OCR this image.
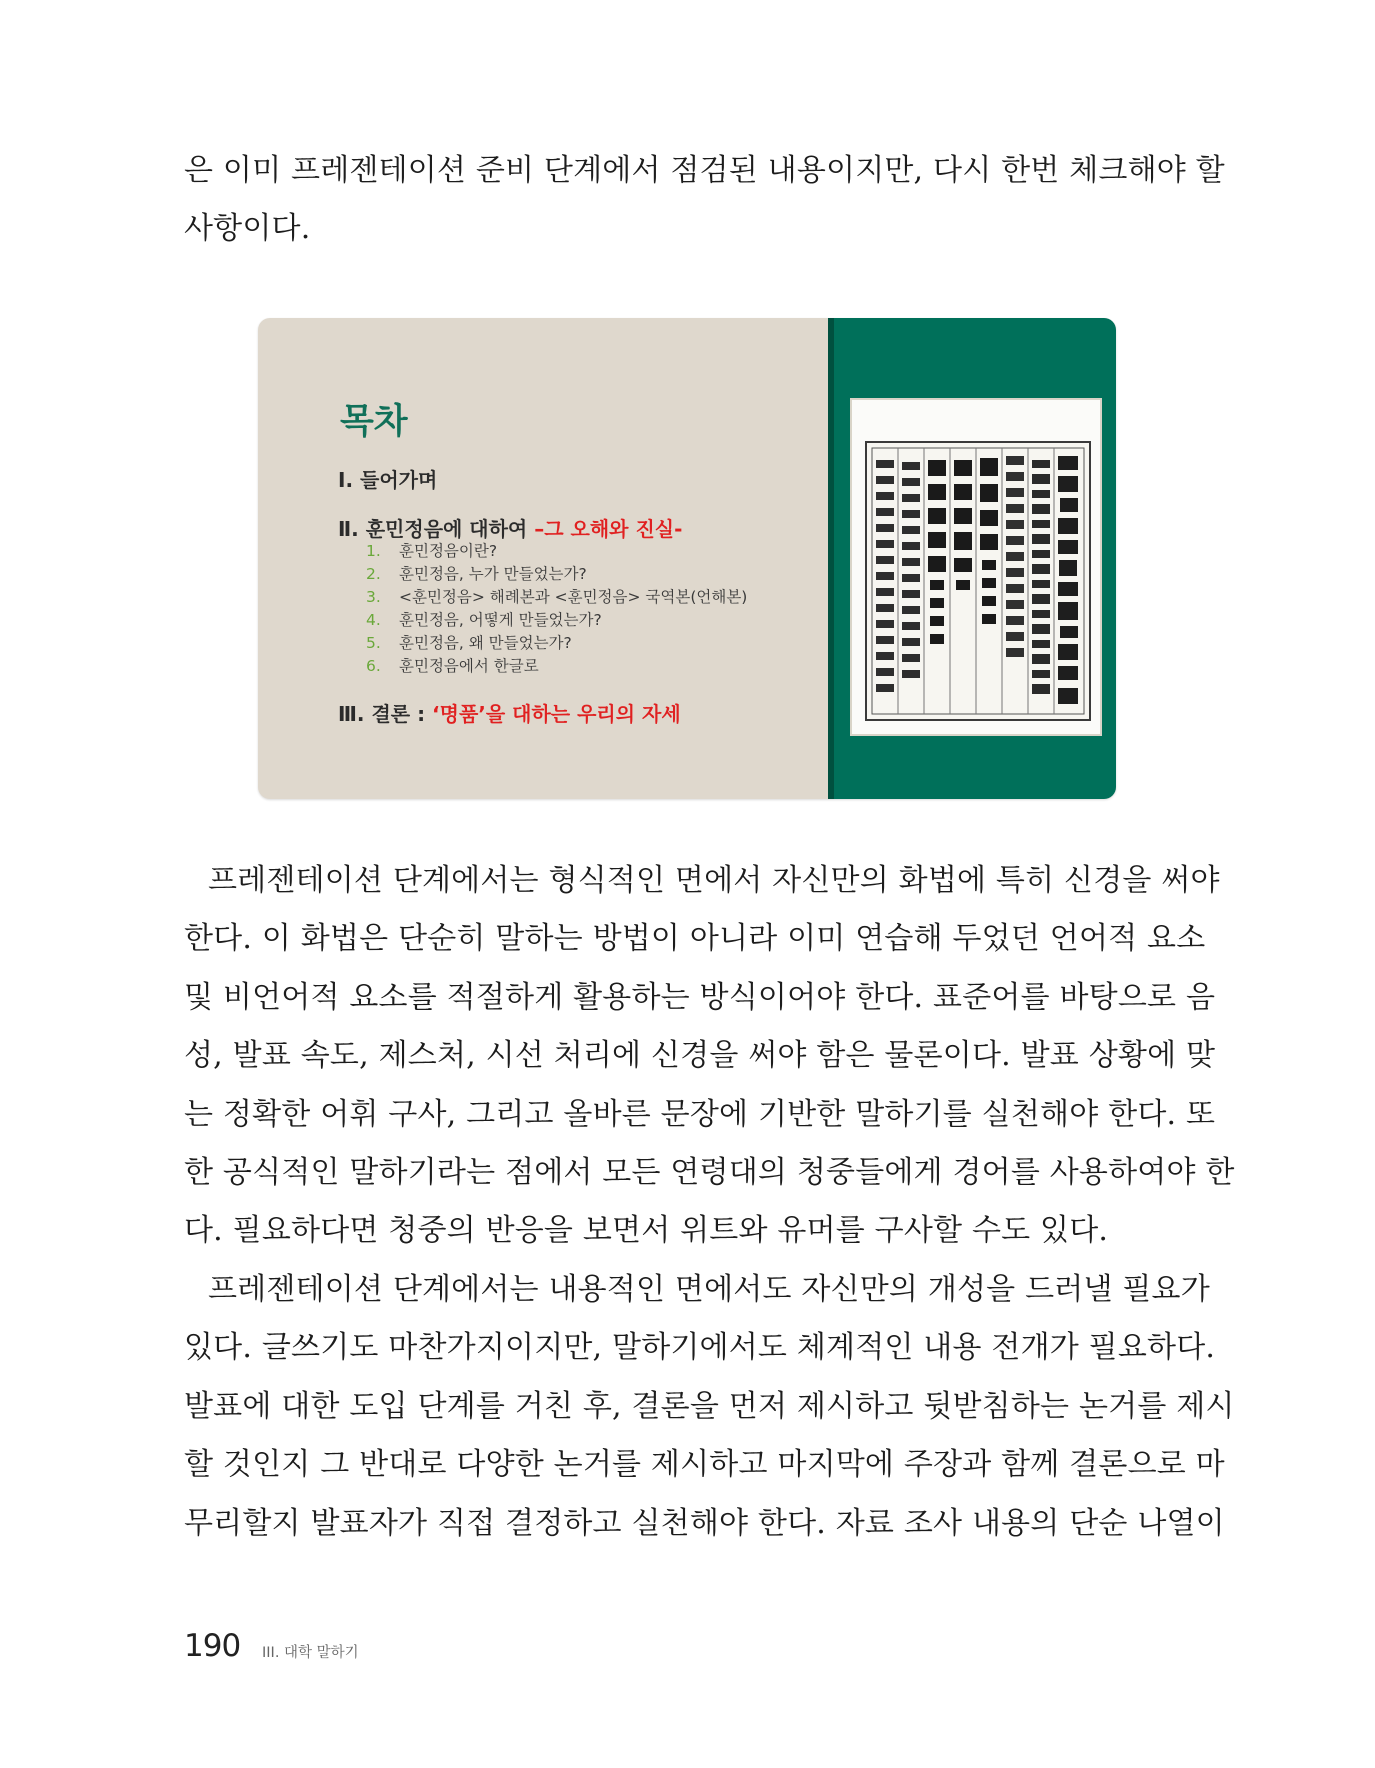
은 이미 프레젠테이션 준비 단계에서 점검된 내용이지만, 다시 한번 체크해야 할
사항이다.
목차
Ⅰ. 들어가며
Ⅱ. 훈민정음에 대하여 –그 오해와 진실-
1. 훈민정음이란?
2. 훈민정음, 누가 만들었는가?
3. <훈민정음> 해례본과 <훈민정음> 국역본(언해본)
4. 훈민정음, 어떻게 만들었는가?
5. 훈민정음, 왜 만들었는가?
6. 훈민정음에서 한글로
Ⅲ. 결론 : ‘명품’을 대하는 우리의 자세
프레젠테이션 단계에서는 형식적인 면에서 자신만의 화법에 특히 신경을 써야
한다. 이 화법은 단순히 말하는 방법이 아니라 이미 연습해 두었던 언어적 요소
및 비언어적 요소를 적절하게 활용하는 방식이어야 한다. 표준어를 바탕으로 음
성, 발표 속도, 제스처, 시선 처리에 신경을 써야 함은 물론이다. 발표 상황에 맞
는 정확한 어휘 구사, 그리고 올바른 문장에 기반한 말하기를 실천해야 한다. 또
한 공식적인 말하기라는 점에서 모든 연령대의 청중들에게 경어를 사용하여야 한
다. 필요하다면 청중의 반응을 보면서 위트와 유머를 구사할 수도 있다.
프레젠테이션 단계에서는 내용적인 면에서도 자신만의 개성을 드러낼 필요가
있다. 글쓰기도 마찬가지이지만, 말하기에서도 체계적인 내용 전개가 필요하다.
발표에 대한 도입 단계를 거친 후, 결론을 먼저 제시하고 뒷받침하는 논거를 제시
할 것인지 그 반대로 다양한 논거를 제시하고 마지막에 주장과 함께 결론으로 마
무리할지 발표자가 직접 결정하고 실천해야 한다. 자료 조사 내용의 단순 나열이
190 III. 대학 말하기
